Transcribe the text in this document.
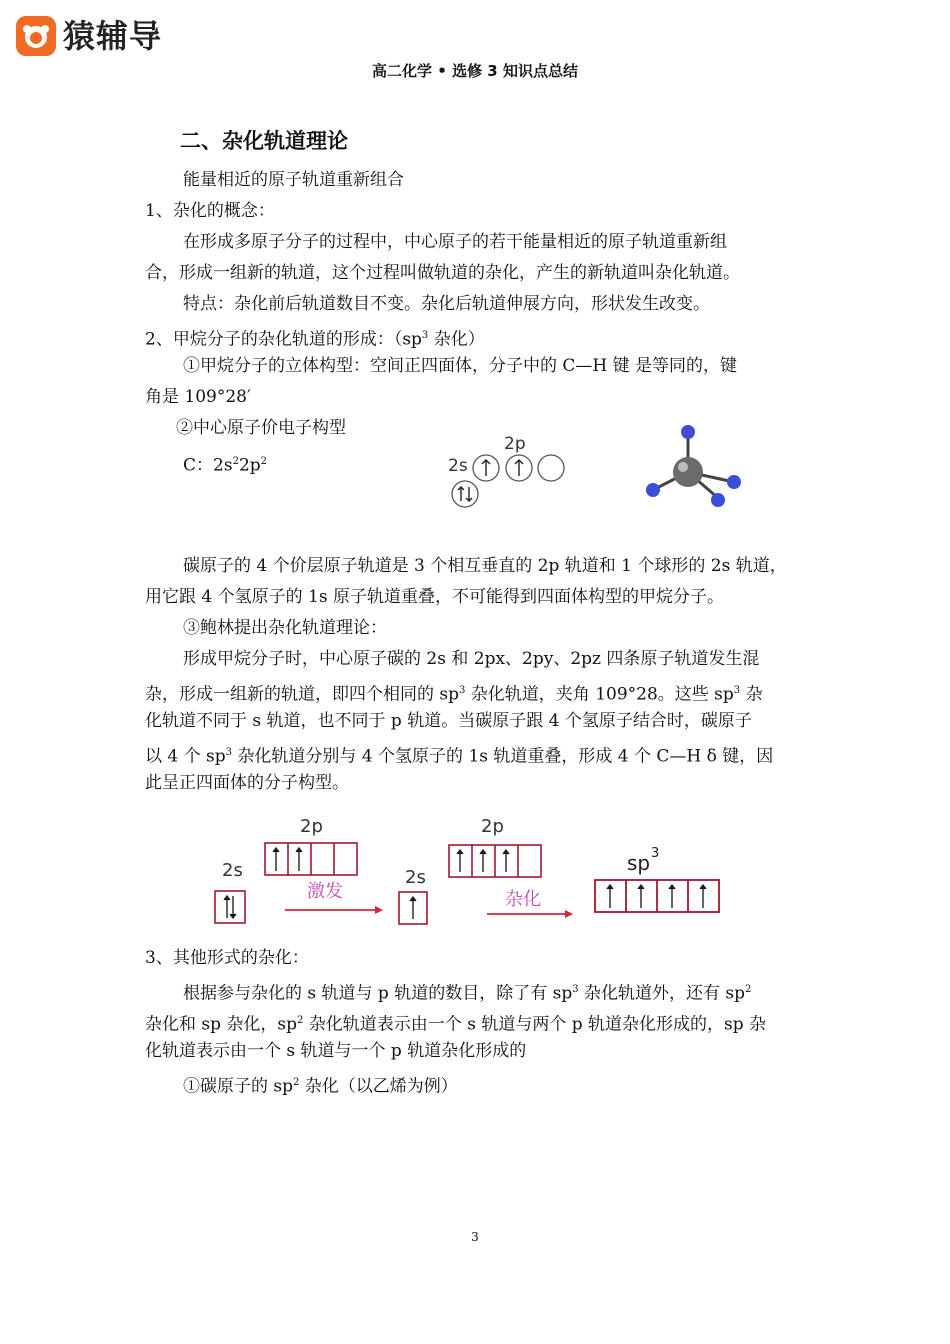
猿辅导
高二化学 • 选修 3 知识点总结
二、杂化轨道理论
能量相近的原子轨道重新组合
1、杂化的概念：
在形成多原子分子的过程中，中心原子的若干能量相近的原子轨道重新组
合，形成一组新的轨道，这个过程叫做轨道的杂化，产生的新轨道叫杂化轨道。
特点：杂化前后轨道数目不变。杂化后轨道伸展方向，形状发生改变。
2、甲烷分子的杂化轨道的形成：（$sp^3$ 杂化）
①甲烷分子的立体构型：空间正四面体，分子中的 C—H 键 是等同的，键
角是 109°28′
②中心原子价电子构型
C：$2s^22p^2$
2p
2s
碳原子的 4 个价层原子轨道是 3 个相互垂直的 2p 轨道和 1 个球形的 2s 轨道，
用它跟 4 个氢原子的 1s 原子轨道重叠，不可能得到四面体构型的甲烷分子。
③鲍林提出杂化轨道理论：
形成甲烷分子时，中心原子碳的 2s 和 2px、2py、2pz 四条原子轨道发生混
杂，形成一组新的轨道，即四个相同的 $sp^3$ 杂化轨道，夹角 109°28。这些 $sp^3$ 杂
化轨道不同于 s 轨道，也不同于 p 轨道。当碳原子跟 4 个氢原子结合时，碳原子
以 4 个 $sp^3$ 杂化轨道分别与 4 个氢原子的 1s 轨道重叠，形成 4 个 C—H δ 键，因
此呈正四面体的分子构型。
2p
2s
激发
2s
2p
杂化
sp 3
3、其他形式的杂化：
根据参与杂化的 s 轨道与 p 轨道的数目，除了有 $sp^3$ 杂化轨道外，还有 $sp^2$
杂化和 sp 杂化，$sp^2$ 杂化轨道表示由一个 s 轨道与两个 p 轨道杂化形成的，sp 杂
化轨道表示由一个 s 轨道与一个 p 轨道杂化形成的
①碳原子的 $sp^2$ 杂化（以乙烯为例）
3
